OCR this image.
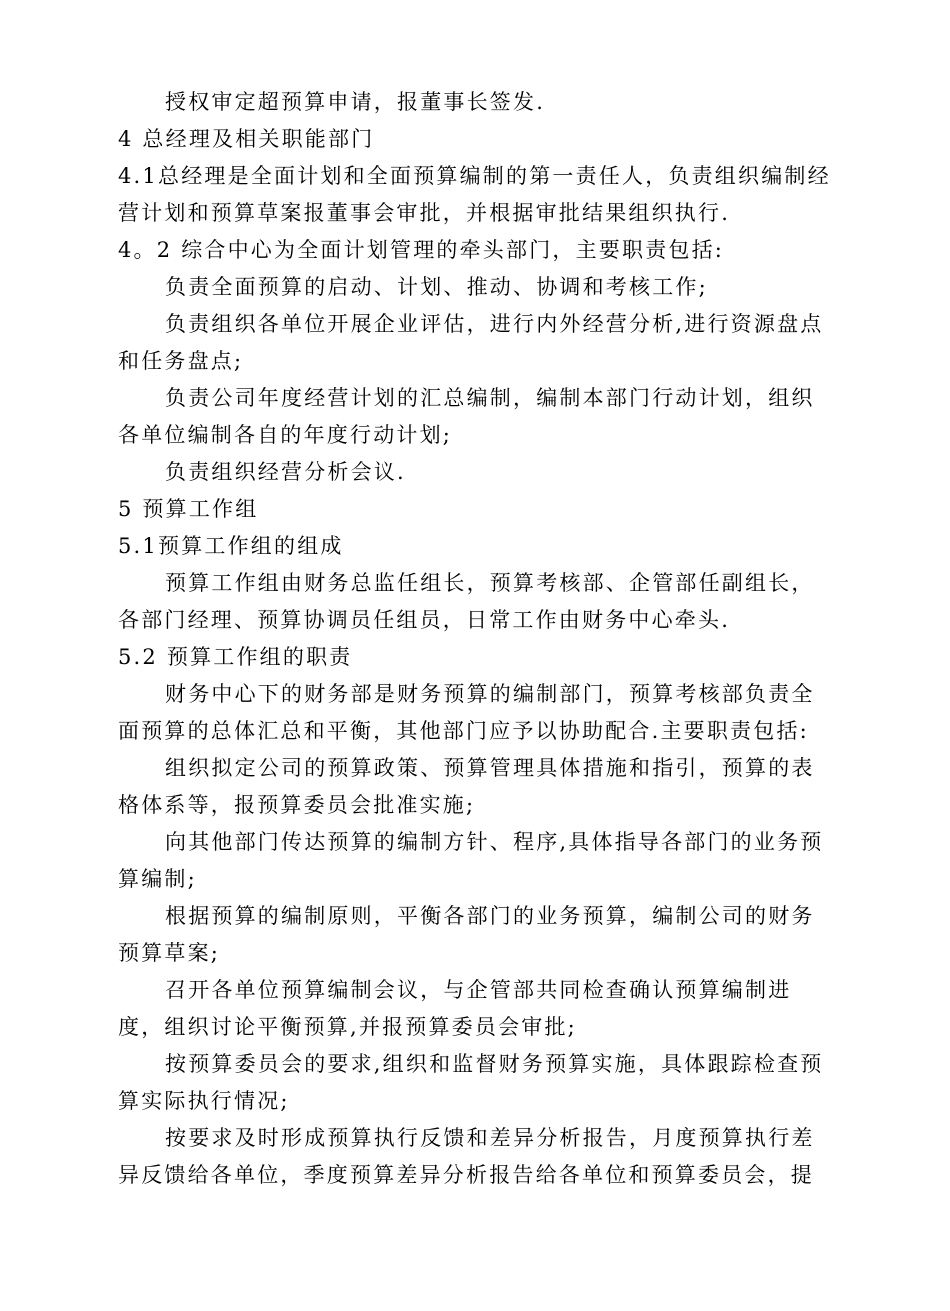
授权审定超预算申请，报董事长签发.

4 总经理及相关职能部门

4.1总经理是全面计划和全面预算编制的第一责任人，负责组织编制经营计划和预算草案报董事会审批，并根据审批结果组织执行.

4。2 综合中心为全面计划管理的牵头部门，主要职责包括:

负责全面预算的启动、计划、推动、协调和考核工作;

负责组织各单位开展企业评估，进行内外经营分析,进行资源盘点和任务盘点;

负责公司年度经营计划的汇总编制，编制本部门行动计划，组织各单位编制各自的年度行动计划;

负责组织经营分析会议.

5 预算工作组

5.1预算工作组的组成

预算工作组由财务总监任组长，预算考核部、企管部任副组长，各部门经理、预算协调员任组员，日常工作由财务中心牵头.

5.2 预算工作组的职责

财务中心下的财务部是财务预算的编制部门，预算考核部负责全面预算的总体汇总和平衡，其他部门应予以协助配合.主要职责包括:

组织拟定公司的预算政策、预算管理具体措施和指引，预算的表格体系等，报预算委员会批准实施;

向其他部门传达预算的编制方针、程序,具体指导各部门的业务预算编制;

根据预算的编制原则，平衡各部门的业务预算，编制公司的财务预算草案;

召开各单位预算编制会议，与企管部共同检查确认预算编制进度，组织讨论平衡预算,并报预算委员会审批;

按预算委员会的要求,组织和监督财务预算实施，具体跟踪检查预算实际执行情况;

按要求及时形成预算执行反馈和差异分析报告，月度预算执行差异反馈给各单位，季度预算差异分析报告给各单位和预算委员会，提
